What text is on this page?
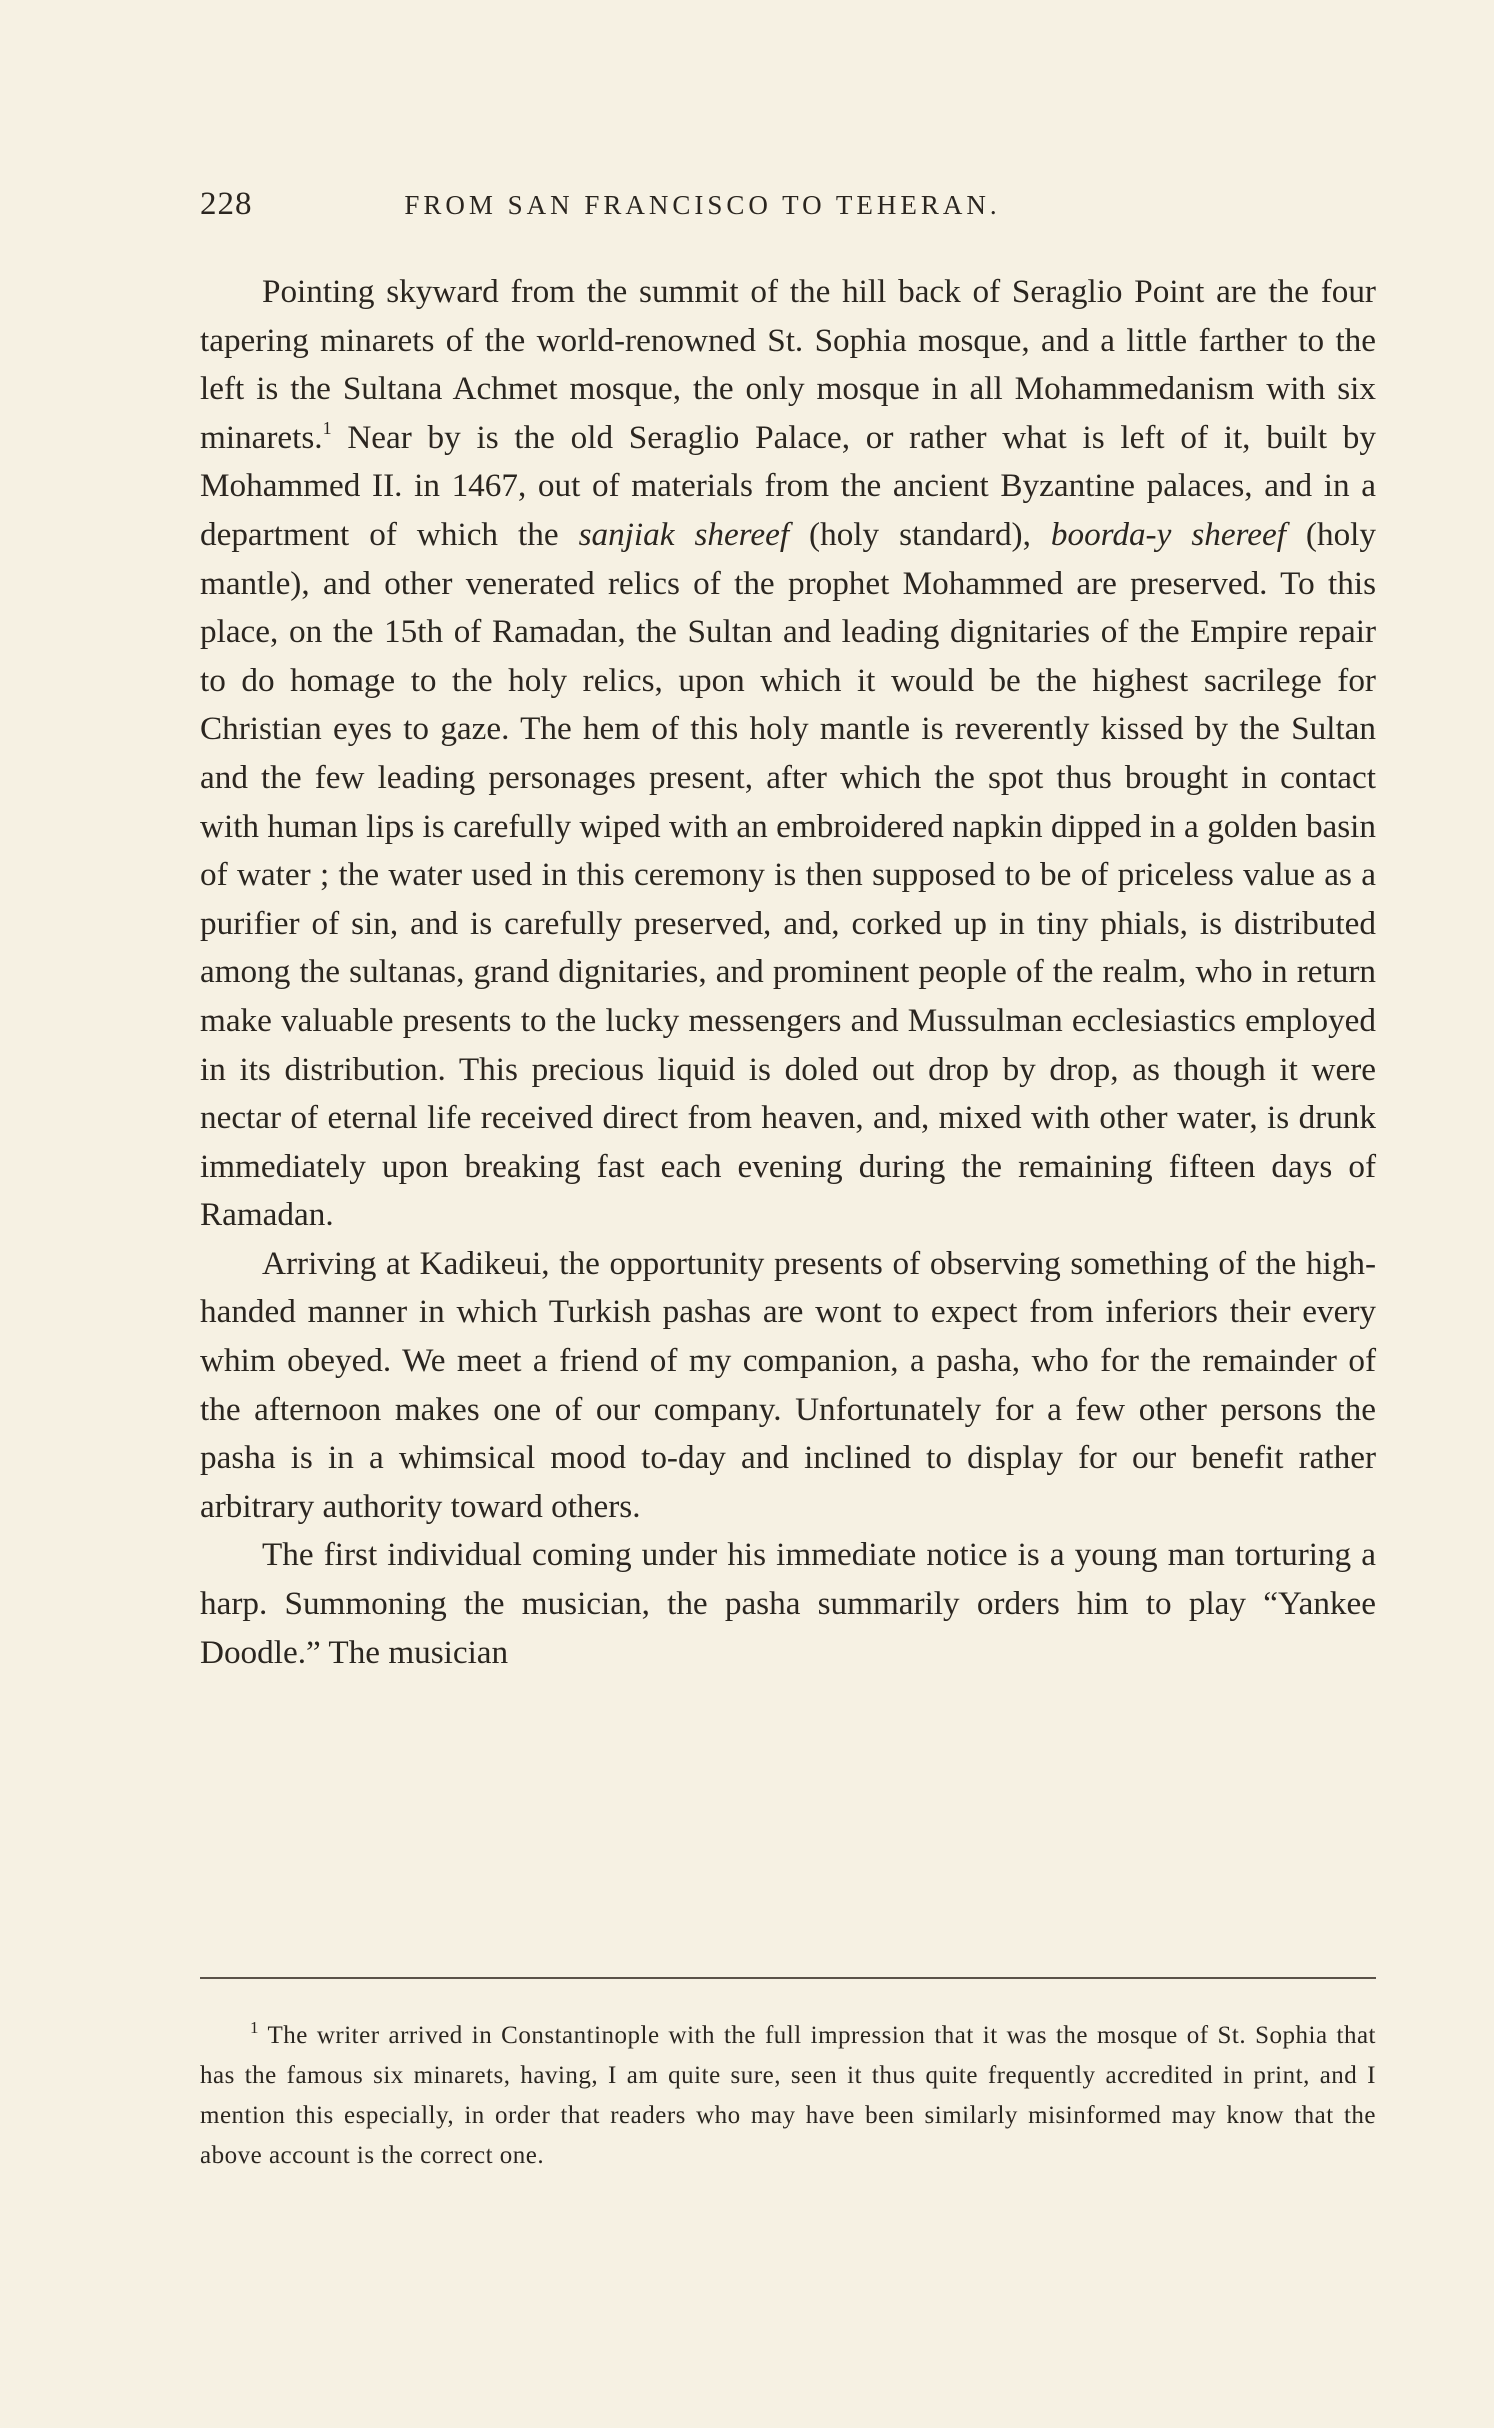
228	FROM SAN FRANCISCO TO TEHERAN.

Pointing skyward from the summit of the hill back of Seraglio Point are the four tapering minarets of the world-renowned St. Sophia mosque, and a little farther to the left is the Sultana Achmet mosque, the only mosque in all Mohammedanism with six minarets.$^1$ Near by is the old Seraglio Palace, or rather what is left of it, built by Mohammed II. in 1467, out of materials from the ancient Byzantine palaces, and in a department of which the sanjiak shereef (holy standard), boorda-y shereef (holy mantle), and other venerated relics of the prophet Mohammed are preserved. To this place, on the 15th of Ramadan, the Sultan and leading dignitaries of the Empire repair to do homage to the holy relics, upon which it would be the highest sacrilege for Christian eyes to gaze. The hem of this holy mantle is reverently kissed by the Sultan and the few leading personages present, after which the spot thus brought in contact with human lips is carefully wiped with an embroidered napkin dipped in a golden basin of water ; the water used in this ceremony is then supposed to be of priceless value as a purifier of sin, and is carefully preserved, and, corked up in tiny phials, is distributed among the sultanas, grand dignitaries, and prominent people of the realm, who in return make valuable presents to the lucky messengers and Mussulman ecclesiastics employed in its distribution. This precious liquid is doled out drop by drop, as though it were nectar of eternal life received direct from heaven, and, mixed with other water, is drunk immediately upon breaking fast each evening during the remaining fifteen days of Ramadan.

Arriving at Kadikeui, the opportunity presents of observing something of the high-handed manner in which Turkish pashas are wont to expect from inferiors their every whim obeyed. We meet a friend of my companion, a pasha, who for the remainder of the afternoon makes one of our company. Unfortunately for a few other persons the pasha is in a whimsical mood to-day and inclined to display for our benefit rather arbitrary authority toward others.

The first individual coming under his immediate notice is a young man torturing a harp. Summoning the musician, the pasha summarily orders him to play “Yankee Doodle.” The musician

$^1$ The writer arrived in Constantinople with the full impression that it was the mosque of St. Sophia that has the famous six minarets, having, I am quite sure, seen it thus quite frequently accredited in print, and I mention this especially, in order that readers who may have been similarly misinformed may know that the above account is the correct one.
